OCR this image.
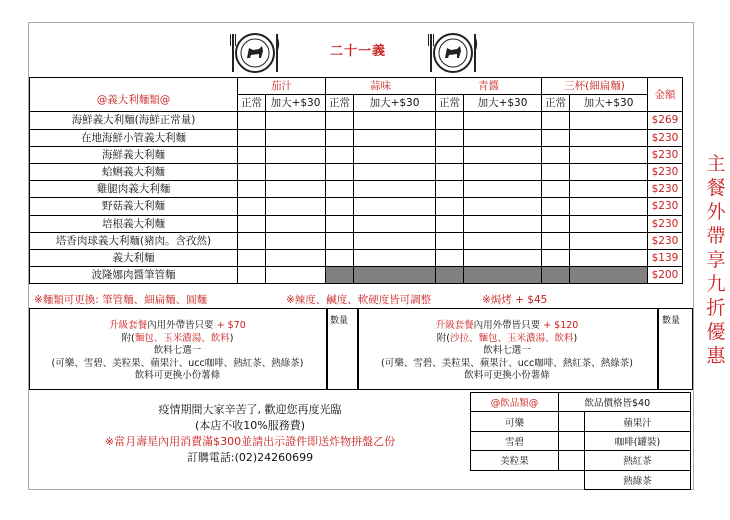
二十一義
@義大利麵類@	茄汁		蒜味		青醬		三杯(細扁麵)		金額
	正常	加大+$30	正常	加大+$30	正常	加大+$30	正常	加大+$30	
海鮮義大利麵(海鮮正常量)									$269
在地海鮮小管義大利麵									$230
海鮮義大利麵									$230
蛤蜊義大利麵									$230
雞腿肉義大利麵									$230
野菇義大利麵									$230
培根義大利麵									$230
塔香肉球義大利麵(豬肉。含孜然)									$230
義大利麵									$139
波隆娜肉醬筆管麵									$200
※麵類可更換: 筆管麵、細扁麵、圓麵	※辣度、鹹度、軟硬度皆可調整	※焗烤 + $45
數量	數量
升級套餐內用外帶皆只要 + $70
附(麵包、玉米濃湯、飲料)
飲料七選一
(可樂、雪碧、美粒果、蘋果汁、ucc咖啡、熱紅茶、熱綠茶)
飲料可更換小份薯條
升級套餐內用外帶皆只要 + $120
附(沙拉、麵包、玉米濃湯、飲料)
飲料七選一
(可樂、雪碧、美粒果、蘋果汁、ucc咖啡、熱紅茶、熱綠茶)
飲料可更換小份薯條
主
餐
外
帶
享
九
折
優
惠
疫情期間大家辛苦了, 歡迎您再度光臨
(本店不收10%服務費)
※當月壽星內用消費滿$300並請出示證件即送炸物拼盤乙份
訂購電話:(02)24260699
@飲品類@		飲品價格皆$40
可樂		蘋果汁
雪碧		咖啡(罐裝)
美粒果		熱紅茶
		熱綠茶
